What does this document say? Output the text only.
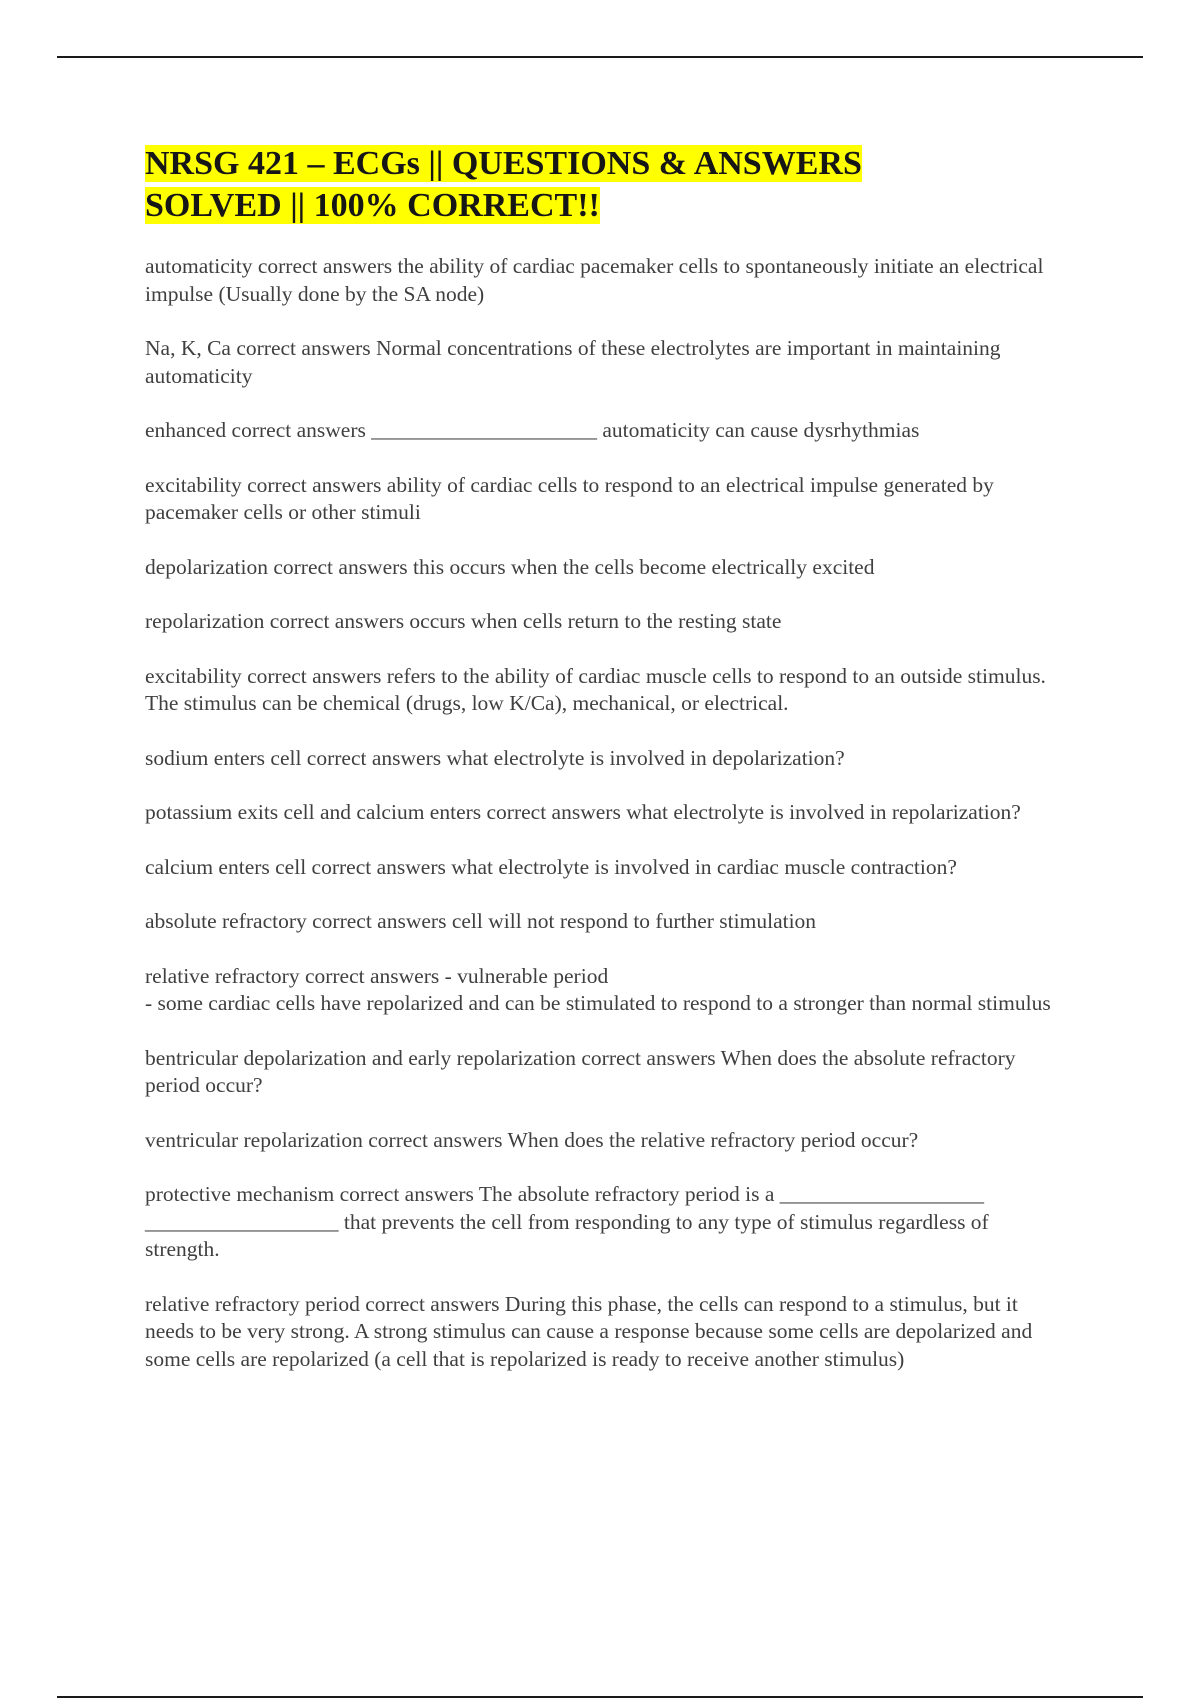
NRSG 421 – ECGs || QUESTIONS & ANSWERS
SOLVED || 100% CORRECT!!

automaticity correct answers the ability of cardiac pacemaker cells to spontaneously initiate an electrical impulse (Usually done by the SA node)

Na, K, Ca correct answers Normal concentrations of these electrolytes are important in maintaining automaticity

enhanced correct answers _____________________ automaticity can cause dysrhythmias

excitability correct answers ability of cardiac cells to respond to an electrical impulse generated by pacemaker cells or other stimuli

depolarization correct answers this occurs when the cells become electrically excited

repolarization correct answers occurs when cells return to the resting state

excitability correct answers refers to the ability of cardiac muscle cells to respond to an outside stimulus. The stimulus can be chemical (drugs, low K/Ca), mechanical, or electrical.

sodium enters cell correct answers what electrolyte is involved in depolarization?

potassium exits cell and calcium enters correct answers what electrolyte is involved in repolarization?

calcium enters cell correct answers what electrolyte is involved in cardiac muscle contraction?

absolute refractory correct answers cell will not respond to further stimulation

relative refractory correct answers - vulnerable period
- some cardiac cells have repolarized and can be stimulated to respond to a stronger than normal stimulus

bentricular depolarization and early repolarization correct answers When does the absolute refractory period occur?

ventricular repolarization correct answers When does the relative refractory period occur?

protective mechanism correct answers The absolute refractory period is a ___________________ __________________ that prevents the cell from responding to any type of stimulus regardless of strength.

relative refractory period correct answers During this phase, the cells can respond to a stimulus, but it needs to be very strong. A strong stimulus can cause a response because some cells are depolarized and some cells are repolarized (a cell that is repolarized is ready to receive another stimulus)
